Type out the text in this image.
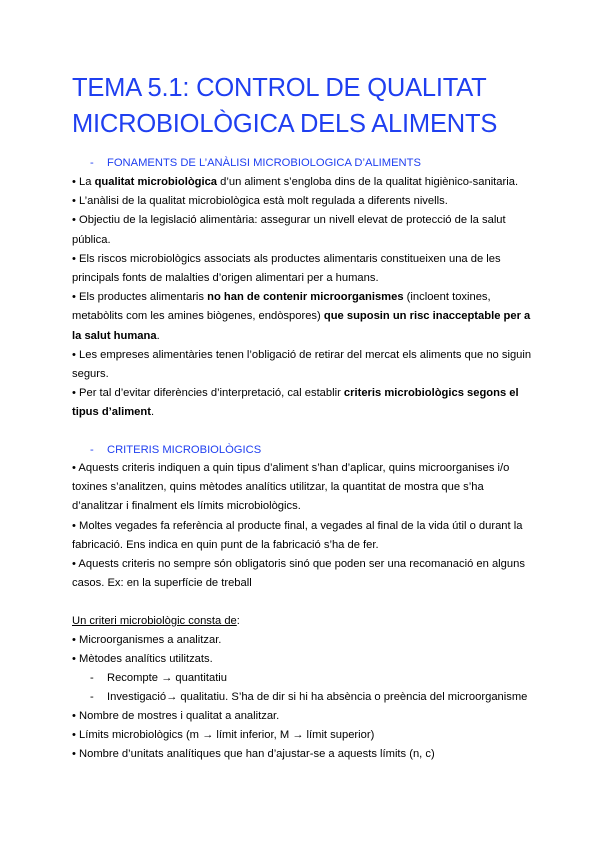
TEMA 5.1: CONTROL DE QUALITAT MICROBIOLÒGICA DELS ALIMENTS
- FONAMENTS DE L’ANÀLISI MICROBIOLOGICA D’ALIMENTS

• La qualitat microbiològica d’un aliment s’engloba dins de la qualitat higiènico-sanitaria.

• L’anàlisi de la qualitat microbiològica està molt regulada a diferents nivells.

• Objectiu de la legislació alimentària: assegurar un nivell elevat de protecció de la salut pública.

• Els riscos microbiològics associats als productes alimentaris constitueixen una de les principals fonts de malalties d’origen alimentari per a humans.

• Els productes alimentaris no han de contenir microorganismes (incloent toxines, metabòlits com les amines biògenes, endòspores) que suposin un risc inacceptable per a la salut humana.

• Les empreses alimentàries tenen l’obligació de retirar del mercat els aliments que no siguin segurs.

• Per tal d’evitar diferències d’interpretació, cal establir criteris microbiològics segons el tipus d’aliment.

- CRITERIS MICROBIOLÒGICS

• Aquests criteris indiquen a quin tipus d’aliment s’han d’aplicar, quins microorganises i/o toxines s’analitzen, quins mètodes analítics utilitzar, la quantitat de mostra que s’ha d’analitzar i finalment els límits microbiològics.

• Moltes vegades fa referència al producte final, a vegades al final de la vida útil o durant la fabricació. Ens indica en quin punt de la fabricació s’ha de fer.

• Aquests criteris no sempre són obligatoris sinó que poden ser una recomanació en alguns casos. Ex: en la superfície de treball

Un criteri microbiològic consta de:

• Microorganismes a analitzar.

• Mètodes analítics utilitzats.

- Recompte → quantitatiu
- Investigació→ qualitatiu. S’ha de dir si hi ha absència o preència del microorganisme

• Nombre de mostres i qualitat a analitzar.

• Límits microbiològics (m → límit inferior, M → límit superior)

• Nombre d’unitats analítiques que han d’ajustar-se a aquests límits (n, c)
